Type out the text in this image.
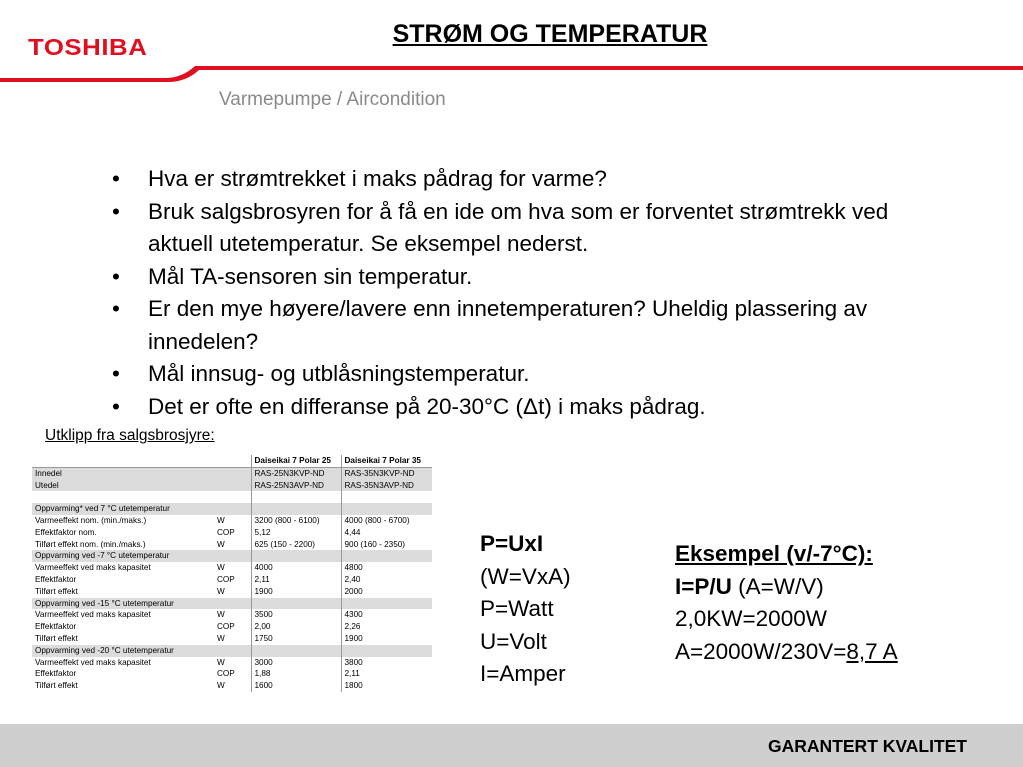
TOSHIBA	STRØM OG TEMPERATUR
Varmepumpe / Aircondition
• Hva er strømtrekket i maks pådrag for varme?
• Bruk salgsbrosyren for å få en ide om hva som er forventet strømtrekk ved aktuell utetemperatur. Se eksempel nederst.
• Mål TA-sensoren sin temperatur.
• Er den mye høyere/lavere enn innetemperaturen? Uheldig plassering av innedelen?
• Mål innsug- og utblåsningstemperatur.
• Det er ofte en differanse på 20-30°C (Δt) i maks pådrag.
Utklipp fra salgsbrosjyre:
		Daiseikai 7 Polar 25	Daiseikai 7 Polar 35
Innedel		RAS-25N3KVP-ND	RAS-35N3KVP-ND
Utedel		RAS-25N3AVP-ND	RAS-35N3AVP-ND

Oppvarming* ved 7 °C utetemperatur			
Varmeeffekt nom. (min./maks.)	W	3200 (800 - 6100)	4000 (800 - 6700)
Effektfaktor nom.	COP	5,12	4,44
Tilført effekt nom. (min./maks.)	W	625 (150 - 2200)	900 (160 - 2350)
Oppvarming ved -7 °C utetemperatur			
Varmeeffekt ved maks kapasitet	W	4000	4800
Effektfaktor	COP	2,11	2,40
Tilført effekt	W	1900	2000
Oppvarming ved -15 °C utetemperatur			
Varmeeffekt ved maks kapasitet	W	3500	4300
Effektfaktor	COP	2,00	2,26
Tilført effekt	W	1750	1900
Oppvarming ved -20 °C utetemperatur			
Varmeeffekt ved maks kapasitet	W	3000	3800
Effektfaktor	COP	1,88	2,11
Tilført effekt	W	1600	1800
P=UxI
(W=VxA)
P=Watt
U=Volt
I=Amper
Eksempel (v/-7°C):
I=P/U (A=W/V)
2,0KW=2000W
A=2000W/230V=8,7 A
GARANTERT KVALITET
